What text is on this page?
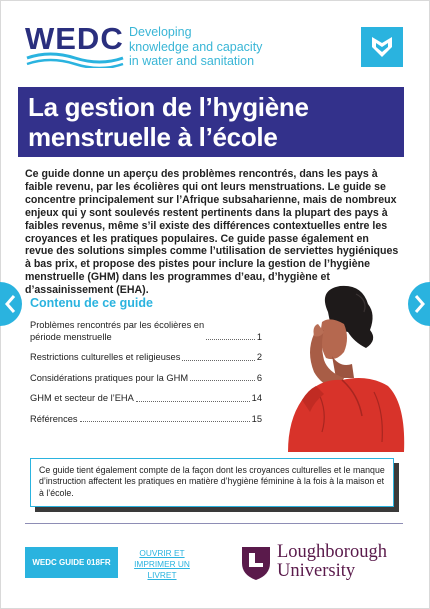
WEDC Developing
knowledge and capacity
in water and sanitation
La gestion de l’hygiène menstruelle à l’école
Ce guide donne un aperçu des problèmes rencontrés, dans les pays à faible revenu, par les écolières qui ont leurs menstruations. Le guide se concentre principalement sur l’Afrique subsaharienne, mais de nombreux enjeux qui y sont soulevés restent pertinents dans la plupart des pays à faibles revenus, même s’il existe des différences contextuelles entre les croyances et les pratiques populaires. Ce guide passe également en revue des solutions simples comme l’utilisation de serviettes hygiéniques à bas prix, et propose des pistes pour inclure la gestion de l’hygiène menstruelle (GHM) dans les programmes d’eau, d’hygiène et d’assainissement (EHA).
Contenu de ce guide
Problèmes rencontrés par les écolières en
période menstruelle	1
Restrictions culturelles et religieuses	2
Considérations pratiques pour la GHM	6
GHM et secteur de l’EHA	14
Références	15

Ce guide tient également compte de la façon dont les croyances culturelles et le manque d’instruction affectent les pratiques en matière d’hygiène féminine à la fois à la maison et à l’école.

WEDC GUIDE 018FR
OUVRIR ET IMPRIMER UN LIVRET
Loughborough
University
